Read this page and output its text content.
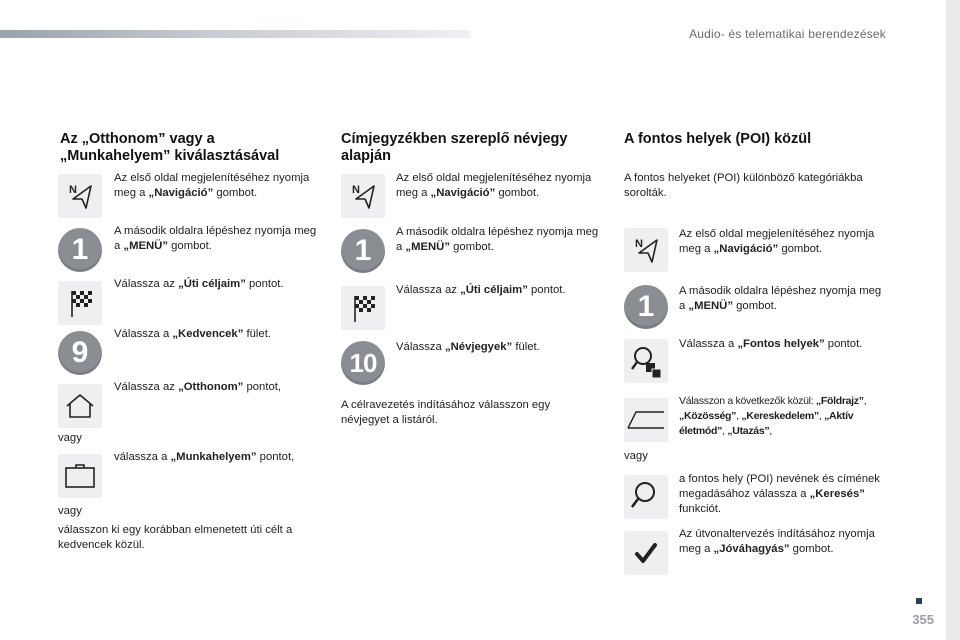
Audio- és telematikai berendezések
355
Az „Otthonom” vagy a
„Munkahelyem” kiválasztásával
N

Az első oldal megjelenítéséhez nyomja meg a „Navigáció” gombot.

1

A második oldalra lépéshez nyomja meg a „MENÜ” gombot.

Válassza az „Úti céljaim” pontot.

9

Válassza a „Kedvencek” fület.

Válassza az „Otthonom” pontot,

vagy

válassza a „Munkahelyem” pontot,

vagy

válasszon ki egy korábban elmenetett úti célt a kedvencek közül.

Címjegyzékben szereplő névjegy
alapján
N

Az első oldal megjelenítéséhez nyomja meg a „Navigáció” gombot.

1

A második oldalra lépéshez nyomja meg a „MENÜ” gombot.

Válassza az „Úti céljaim” pontot.

10

Válassza „Névjegyek” fület.

A célravezetés indításához válasszon egy névjegyet a listáról.

A fontos helyek (POI) közül

A fontos helyeket (POI) különböző kategóriákba sorolták.

N

Az első oldal megjelenítéséhez nyomja meg a „Navigáció” gombot.

1	A második oldalra lépéshez nyomja meg a „MENÜ” gombot.

Válassza a „Fontos helyek” pontot.

Válasszon a következők közül: „Földrajz”, „Közösség”, „Kereskedelem”, „Aktív életmód”, „Utazás”,

vagy

a fontos hely (POI) nevének és címének megadásához válassza a „Keresés” funkciót.

Az útvonaltervezés indításához nyomja meg a „Jóváhagyás” gombot.
